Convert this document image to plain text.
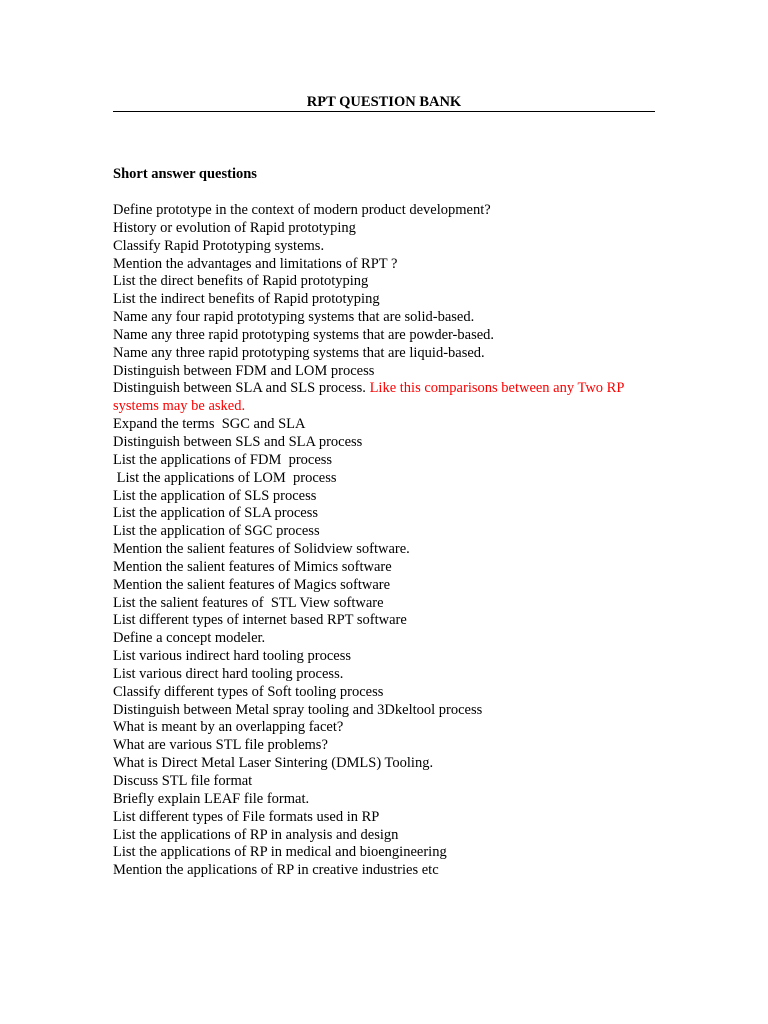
RPT QUESTION BANK
Short answer questions
Define prototype in the context of modern product development?
History or evolution of Rapid prototyping
Classify Rapid Prototyping systems.
Mention the advantages and limitations of RPT ?
List the direct benefits of Rapid prototyping
List the indirect benefits of Rapid prototyping
Name any four rapid prototyping systems that are solid-based.
Name any three rapid prototyping systems that are powder-based.
Name any three rapid prototyping systems that are liquid-based.
Distinguish between FDM and LOM process
Distinguish between SLA and SLS process. Like this comparisons between any Two RP systems may be asked.
Expand the terms  SGC and SLA
Distinguish between SLS and SLA process
List the applications of FDM  process
List the applications of LOM  process
List the application of SLS process
List the application of SLA process
List the application of SGC process
Mention the salient features of Solidview software.
Mention the salient features of Mimics software
Mention the salient features of Magics software
List the salient features of  STL View software
List different types of internet based RPT software
Define a concept modeler.
List various indirect hard tooling process
List various direct hard tooling process.
Classify different types of Soft tooling process
Distinguish between Metal spray tooling and 3Dkeltool process
What is meant by an overlapping facet?
What are various STL file problems?
What is Direct Metal Laser Sintering (DMLS) Tooling.
Discuss STL file format
Briefly explain LEAF file format.
List different types of File formats used in RP
List the applications of RP in analysis and design
List the applications of RP in medical and bioengineering
Mention the applications of RP in creative industries etc
